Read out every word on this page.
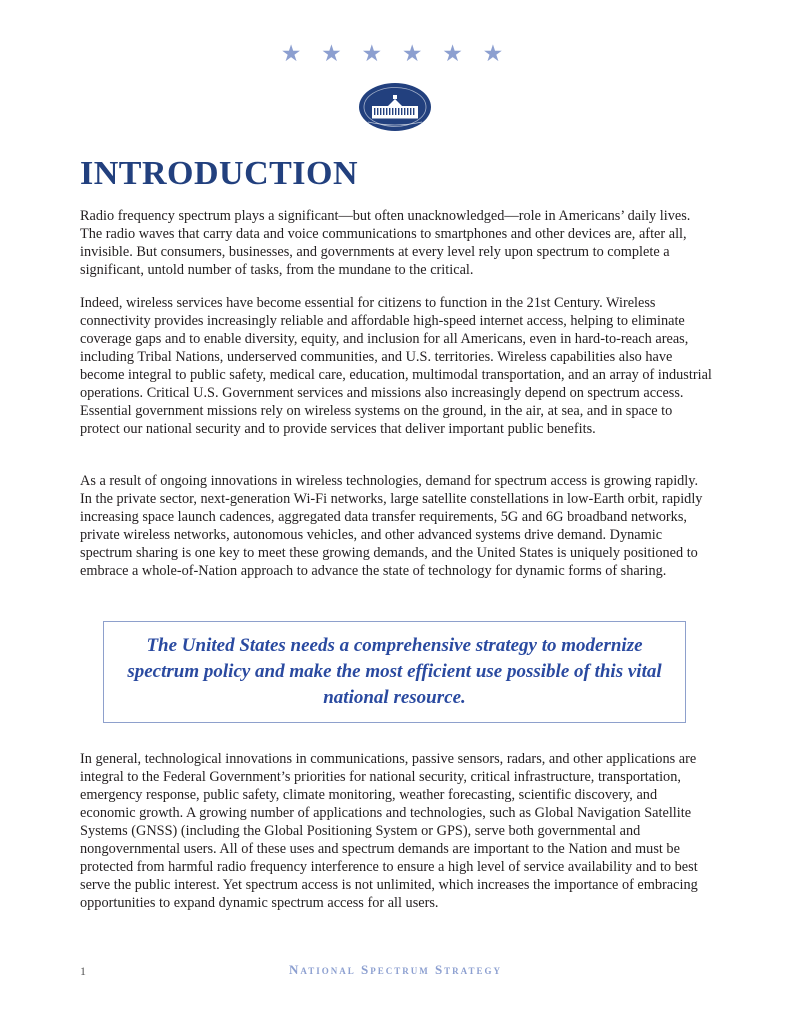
★ ★ ★ ★ ★ ★
INTRODUCTION

Radio frequency spectrum plays a significant—but often unacknowledged—role in Americans’ daily lives. The radio waves that carry data and voice communications to smartphones and other devices are, after all, invisible. But consumers, businesses, and governments at every level rely upon spectrum to complete a significant, untold number of tasks, from the mundane to the critical.

Indeed, wireless services have become essential for citizens to function in the 21st Century. Wireless connectivity provides increasingly reliable and affordable high-speed internet access, helping to eliminate coverage gaps and to enable diversity, equity, and inclusion for all Americans, even in hard-to-reach areas, including Tribal Nations, underserved communities, and U.S. territories. Wireless capabilities also have become integral to public safety, medical care, education, multimodal transportation, and an array of industrial operations. Critical U.S. Government services and missions also increasingly depend on spectrum access. Essential government missions rely on wireless systems on the ground, in the air, at sea, and in space to protect our national security and to provide services that deliver important public benefits.

As a result of ongoing innovations in wireless technologies, demand for spectrum access is growing rapidly. In the private sector, next-generation Wi-Fi networks, large satellite constellations in low-Earth orbit, rapidly increasing space launch cadences, aggregated data transfer requirements, 5G and 6G broadband networks, private wireless networks, autonomous vehicles, and other advanced systems drive demand. Dynamic spectrum sharing is one key to meet these growing demands, and the United States is uniquely positioned to embrace a whole-of-Nation approach to advance the state of technology for dynamic forms of sharing.

The United States needs a comprehensive strategy to modernize spectrum policy and make the most efficient use possible of this vital national resource.

In general, technological innovations in communications, passive sensors, radars, and other applications are integral to the Federal Government’s priorities for national security, critical infrastructure, transportation, emergency response, public safety, climate monitoring, weather forecasting, scientific discovery, and economic growth. A growing number of applications and technologies, such as Global Navigation Satellite Systems (GNSS) (including the Global Positioning System or GPS), serve both governmental and nongovernmental users. All of these uses and spectrum demands are important to the Nation and must be protected from harmful radio frequency interference to ensure a high level of service availability and to best serve the public interest. Yet spectrum access is not unlimited, which increases the importance of embracing opportunities to expand dynamic spectrum access for all users.

1	National Spectrum Strategy
